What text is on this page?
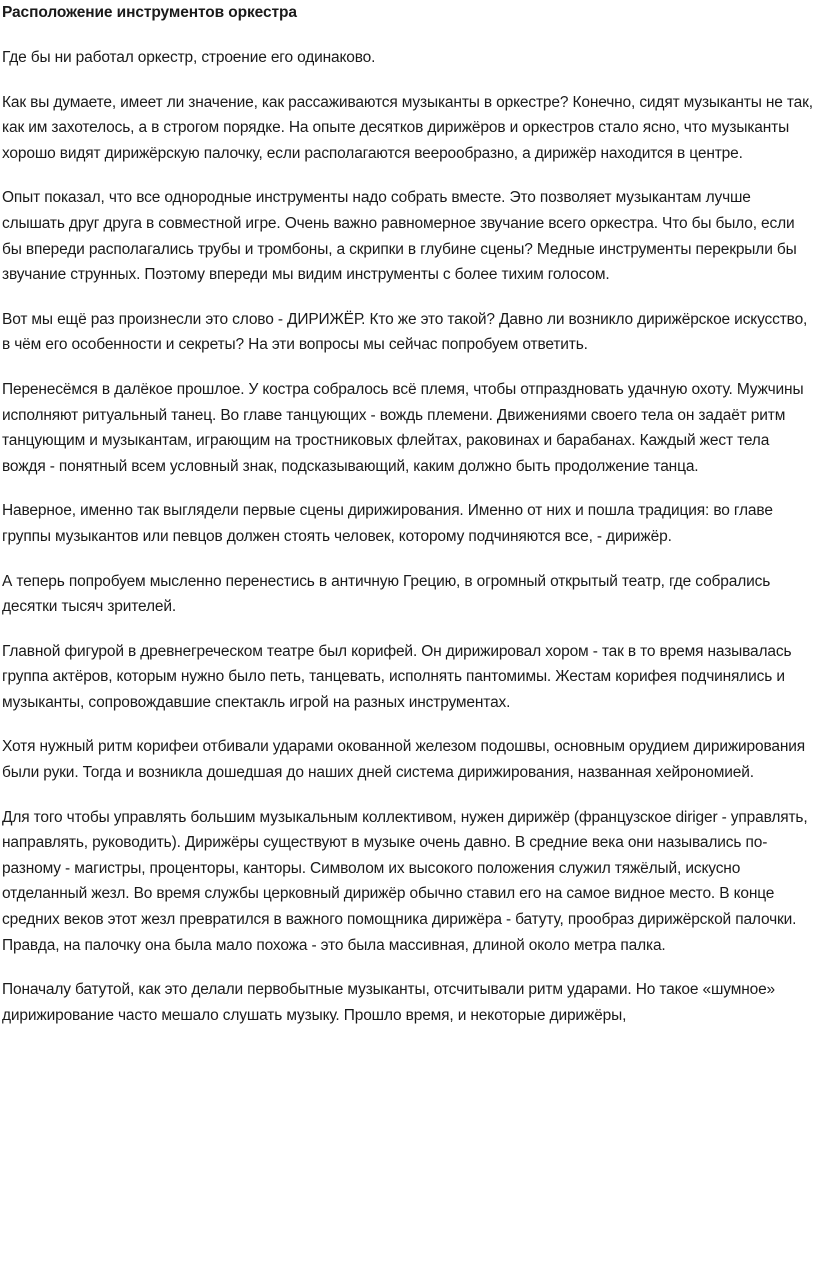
Расположение инструментов оркестра

Где бы ни работал оркестр, строение его одинаково.

Как вы думаете, имеет ли значение, как рассаживаются музыканты в оркестре? Конечно, сидят музыканты не так, как им захотелось, а в строгом порядке. На опыте десятков дирижёров и оркестров стало ясно, что музыканты хорошо видят дирижёрскую палочку, если располагаются веерообразно, а дирижёр находится в центре.

Опыт показал, что все однородные инструменты надо собрать вместе. Это позволяет музыкантам лучше слышать друг друга в совместной игре. Очень важно равномерное звучание всего оркестра. Что бы было, если бы впереди располагались трубы и тромбоны, а скрипки в глубине сцены? Медные инструменты перекрыли бы звучание струнных. Поэтому впереди мы видим инструменты с более тихим голосом.

Вот мы ещё раз произнесли это слово - ДИРИЖЁР. Кто же это такой? Давно ли возникло дирижёрское искусство, в чём его особенности и секреты? На эти вопросы мы сейчас попробуем ответить.

Перенесёмся в далёкое прошлое. У костра собралось всё племя, чтобы отпраздновать удачную охоту. Мужчины исполняют ритуальный танец. Во главе танцующих - вождь племени. Движениями своего тела он задаёт ритм танцующим и музыкантам, играющим на тростниковых флейтах, раковинах и барабанах. Каждый жест тела вождя - понятный всем условный знак, подсказывающий, каким должно быть продолжение танца.

Наверное, именно так выглядели первые сцены дирижирования. Именно от них и пошла традиция: во главе группы музыкантов или певцов должен стоять человек, которому подчиняются все, - дирижёр.

А теперь попробуем мысленно перенестись в античную Грецию, в огромный открытый театр, где собрались десятки тысяч зрителей.

Главной фигурой в древнегреческом театре был корифей. Он дирижировал хором - так в то время называлась группа актёров, которым нужно было петь, танцевать, исполнять пантомимы. Жестам корифея подчинялись и музыканты, сопровождавшие спектакль игрой на разных инструментах.

Хотя нужный ритм корифеи отбивали ударами окованной железом подошвы, основным орудием дирижирования были руки. Тогда и возникла дошедшая до наших дней система дирижирования, названная хейрономией.

Для того чтобы управлять большим музыкальным коллективом, нужен дирижёр (французское diriger - управлять, направлять, руководить). Дирижёры существуют в музыке очень давно. В средние века они назывались по-разному - магистры, проценторы, канторы. Символом их высокого положения служил тяжёлый, искусно отделанный жезл. Во время службы церковный дирижёр обычно ставил его на самое видное место. В конце средних веков этот жезл превратился в важного помощника дирижёра - батуту, прообраз дирижёрской палочки. Правда, на палочку она была мало похожа - это была массивная, длиной около метра палка.

Поначалу батутой, как это делали первобытные музыканты, отсчитывали ритм ударами. Но такое «шумное» дирижирование часто мешало слушать музыку. Прошло время, и некоторые дирижёры,
